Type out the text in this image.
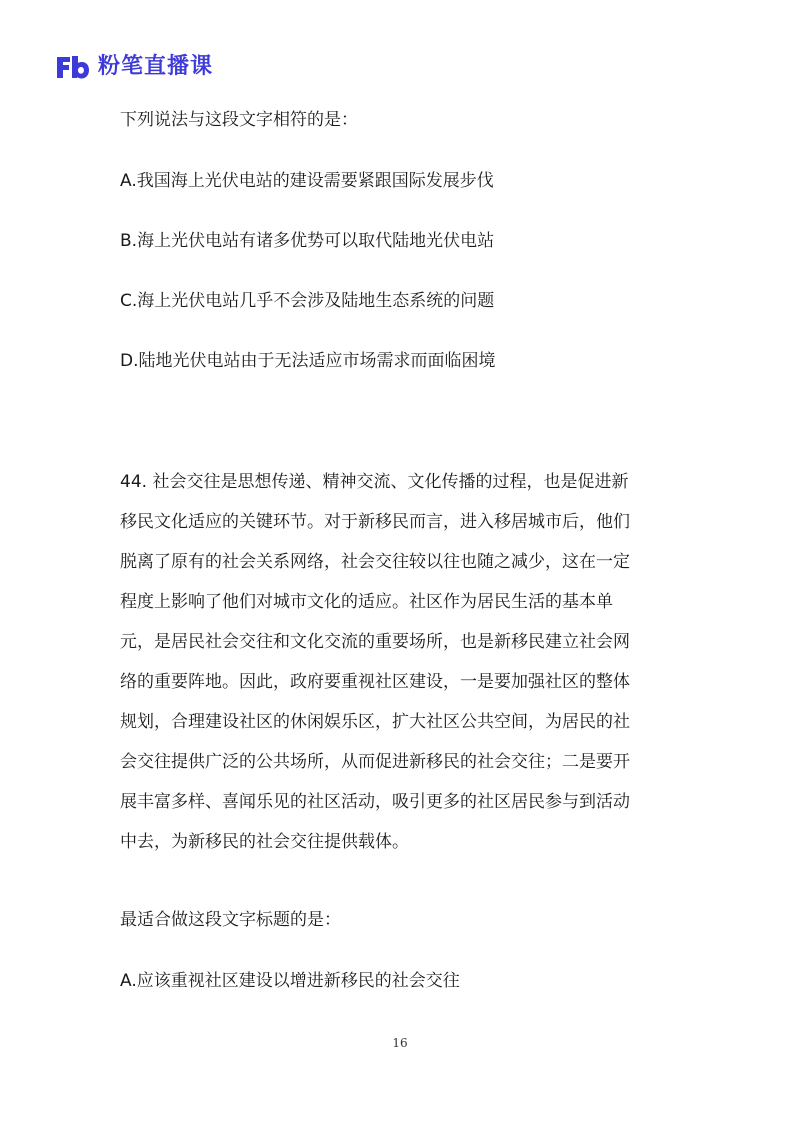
粉笔直播课
下列说法与这段文字相符的是：
A.我国海上光伏电站的建设需要紧跟国际发展步伐
B.海上光伏电站有诸多优势可以取代陆地光伏电站
C.海上光伏电站几乎不会涉及陆地生态系统的问题
D.陆地光伏电站由于无法适应市场需求而面临困境
44. 社会交往是思想传递、精神交流、文化传播的过程，也是促进新
移民文化适应的关键环节。对于新移民而言，进入移居城市后，他们
脱离了原有的社会关系网络，社会交往较以往也随之减少，这在一定
程度上影响了他们对城市文化的适应。社区作为居民生活的基本单
元，是居民社会交往和文化交流的重要场所，也是新移民建立社会网
络的重要阵地。因此，政府要重视社区建设，一是要加强社区的整体
规划，合理建设社区的休闲娱乐区，扩大社区公共空间，为居民的社
会交往提供广泛的公共场所，从而促进新移民的社会交往；二是要开
展丰富多样、喜闻乐见的社区活动，吸引更多的社区居民参与到活动
中去，为新移民的社会交往提供载体。
最适合做这段文字标题的是：
A.应该重视社区建设以增进新移民的社会交往
16
